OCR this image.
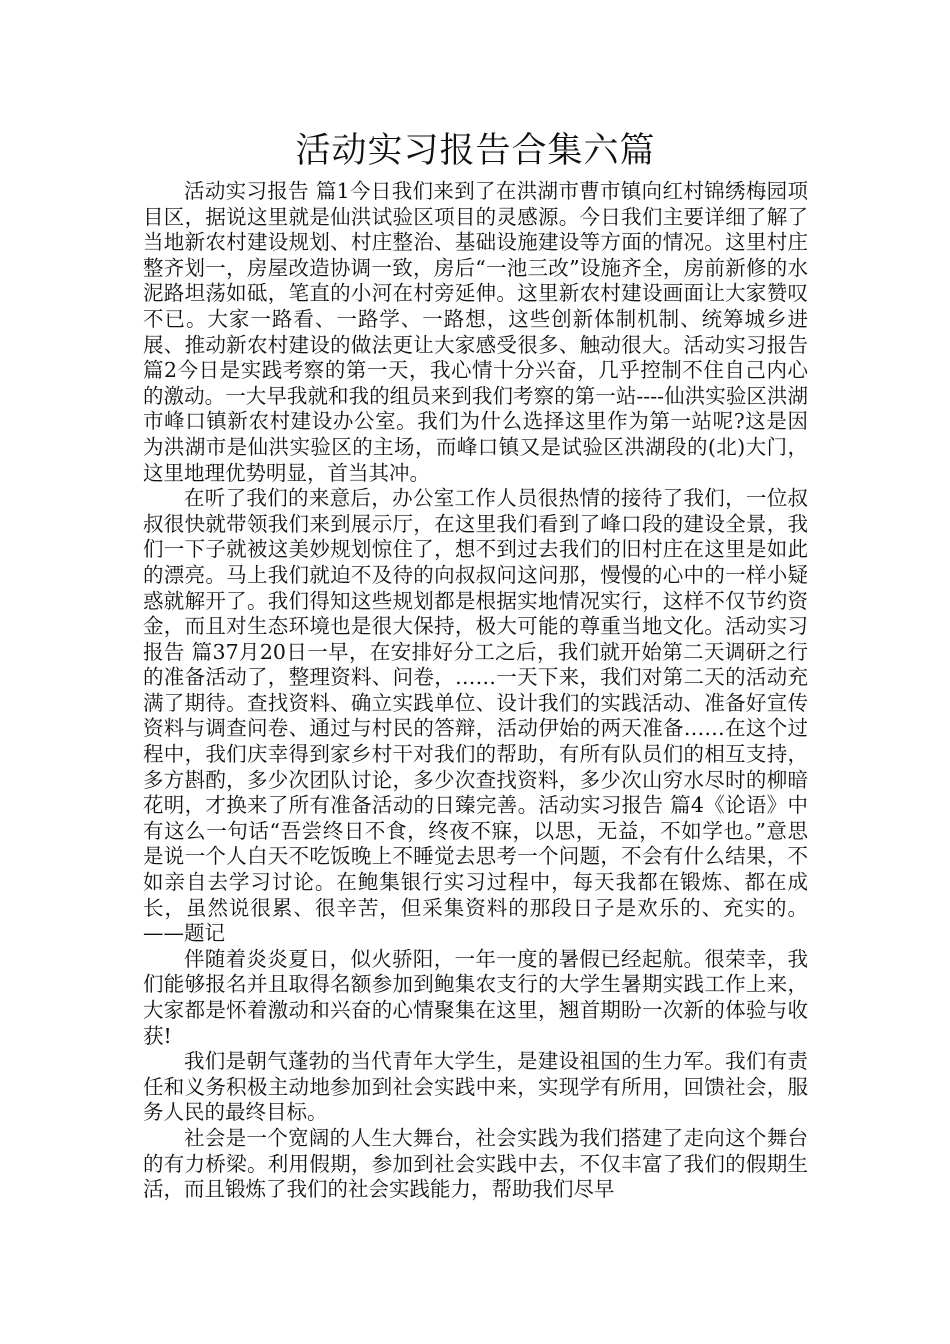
活动实习报告合集六篇

活动实习报告 篇1今日我们来到了在洪湖市曹市镇向红村锦绣梅园项目区，据说这里就是仙洪试验区项目的灵感源。今日我们主要详细了解了当地新农村建设规划、村庄整治、基础设施建设等方面的情况。这里村庄整齐划一，房屋改造协调一致，房后“一池三改”设施齐全，房前新修的水泥路坦荡如砥，笔直的小河在村旁延伸。这里新农村建设画面让大家赞叹不已。大家一路看、一路学、一路想，这些创新体制机制、统筹城乡进展、推动新农村建设的做法更让大家感受很多、触动很大。活动实习报告 篇2今日是实践考察的第一天，我心情十分兴奋，几乎控制不住自己内心的激动。一大早我就和我的组员来到我们考察的第一站----仙洪实验区洪湖市峰口镇新农村建设办公室。我们为什么选择这里作为第一站呢?这是因为洪湖市是仙洪实验区的主场，而峰口镇又是试验区洪湖段的(北)大门，这里地理优势明显，首当其冲。

在听了我们的来意后，办公室工作人员很热情的接待了我们，一位叔叔很快就带领我们来到展示厅，在这里我们看到了峰口段的建设全景，我们一下子就被这美妙规划惊住了，想不到过去我们的旧村庄在这里是如此的漂亮。马上我们就迫不及待的向叔叔问这问那，慢慢的心中的一样小疑惑就解开了。我们得知这些规划都是根据实地情况实行，这样不仅节约资金，而且对生态环境也是很大保持，极大可能的尊重当地文化。活动实习报告 篇37月20日一早，在安排好分工之后，我们就开始第二天调研之行的准备活动了，整理资料、问卷，……一天下来，我们对第二天的活动充满了期待。查找资料、确立实践单位、设计我们的实践活动、准备好宣传资料与调查问卷、通过与村民的答辩，活动伊始的两天准备……在这个过程中，我们庆幸得到家乡村干对我们的帮助，有所有队员们的相互支持，多方斟酌，多少次团队讨论，多少次查找资料，多少次山穷水尽时的柳暗花明，才换来了所有准备活动的日臻完善。活动实习报告 篇4《论语》中有这么一句话“吾尝终日不食，终夜不寐，以思，无益，不如学也。”意思是说一个人白天不吃饭晚上不睡觉去思考一个问题，不会有什么结果，不如亲自去学习讨论。在鲍集银行实习过程中，每天我都在锻炼、都在成长，虽然说很累、很辛苦，但采集资料的那段日子是欢乐的、充实的。——题记

伴随着炎炎夏日，似火骄阳，一年一度的暑假已经起航。很荣幸，我们能够报名并且取得名额参加到鲍集农支行的大学生暑期实践工作上来，大家都是怀着激动和兴奋的心情聚集在这里，翘首期盼一次新的体验与收获!

我们是朝气蓬勃的当代青年大学生，是建设祖国的生力军。我们有责任和义务积极主动地参加到社会实践中来，实现学有所用，回馈社会，服务人民的最终目标。

社会是一个宽阔的人生大舞台，社会实践为我们搭建了走向这个舞台的有力桥梁。利用假期，参加到社会实践中去，不仅丰富了我们的假期生活，而且锻炼了我们的社会实践能力，帮助我们尽早
